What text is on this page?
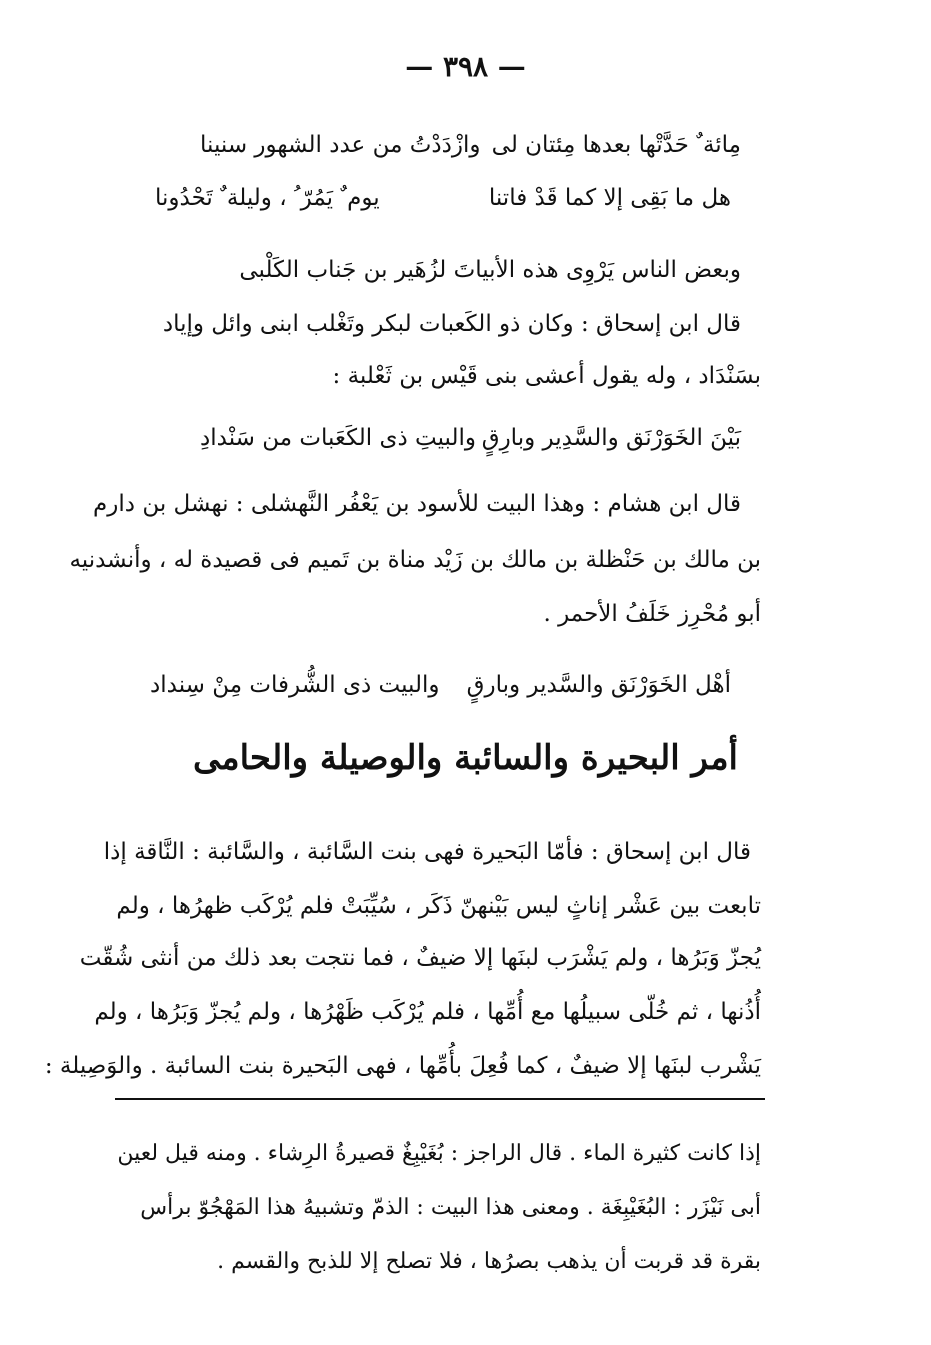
— ٣٩٨ —
مِائة ٌ حَدَّتْها بعدها مِئتان لى
وازْدَدْتُ من عدد الشهور سنينا
هل ما بَقِى إلا كما قَدْ فاتنا
يوم ٌ يَمُرّ ُ ، وليلة ٌ تَحْدُونا
وبعض الناس يَرْوِى هذه الأبياتَ لزُهَير بن جَناب الكَلْبى
قال ابن إسحاق : وكان ذو الكَعبات لبكر وتَغْلب ابنى وائل وإياد
بسَنْدَاد ، وله يقول أعشى بنى قَيْس بن ثَعْلبة :
بَيْنَ الخَوَرْنَق والسَّدِير وبارِقٍ
والبيتِ ذى الكَعَبات من سَنْدادِ
قال ابن هشام : وهذا البيت للأسود بن يَعْفُر النَّهشلى : نهشل بن دارم
بن مالك بن حَنْظلة بن مالك بن زَيْد مناة بن تَميم فى قصيدة له ، وأنشدنيه
أبو مُحْرِز خَلَفُ الأحمر .
أهْل الخَوَرْنَق والسَّدير وبارقٍ
والبيت ذى الشُّرفات مِنْ سِنداد
أمر البحيرة والسائبة والوصيلة والحامى
قال ابن إسحاق : فأمّا البَحيرة فهى بنت السَّائبة ، والسَّائبة : النَّاقة إذا
تابعت بين عَشْر إناثٍ ليس بَيْنهنّ ذَكَر ، سُيِّبَتْ فلم يُرْكَب ظهرُها ، ولم
يُجزّ وَبَرُها ، ولم يَشْرَب لبنَها إلا ضيفٌ ، فما نتجت بعد ذلك من أنثى شُقّت
أُذُنها ، ثم خُلّى سبيلُها مع أُمِّها ، فلم يُرْكَب ظَهْرُها ، ولم يُجزّ وَبَرُها ، ولم
يَشْرب لبنَها إلا ضيفٌ ، كما فُعِلَ بأُمِّها ، فهى البَحيرة بنت السائبة . والوَصِيلة :
إذا كانت كثيرة الماء . قال الراجز : بُغَيْبِغٌ قصيرةُ الرِشاء . ومنه قيل لعين
أبى نَيْزَر : البُغَيْبِغَة . ومعنى هذا البيت : الذمّ وتشبيهُ هذا المَهْجُوّ برأس
بقرة قد قربت أن يذهب بصرُها ، فلا تصلح إلا للذبح والقسم .
